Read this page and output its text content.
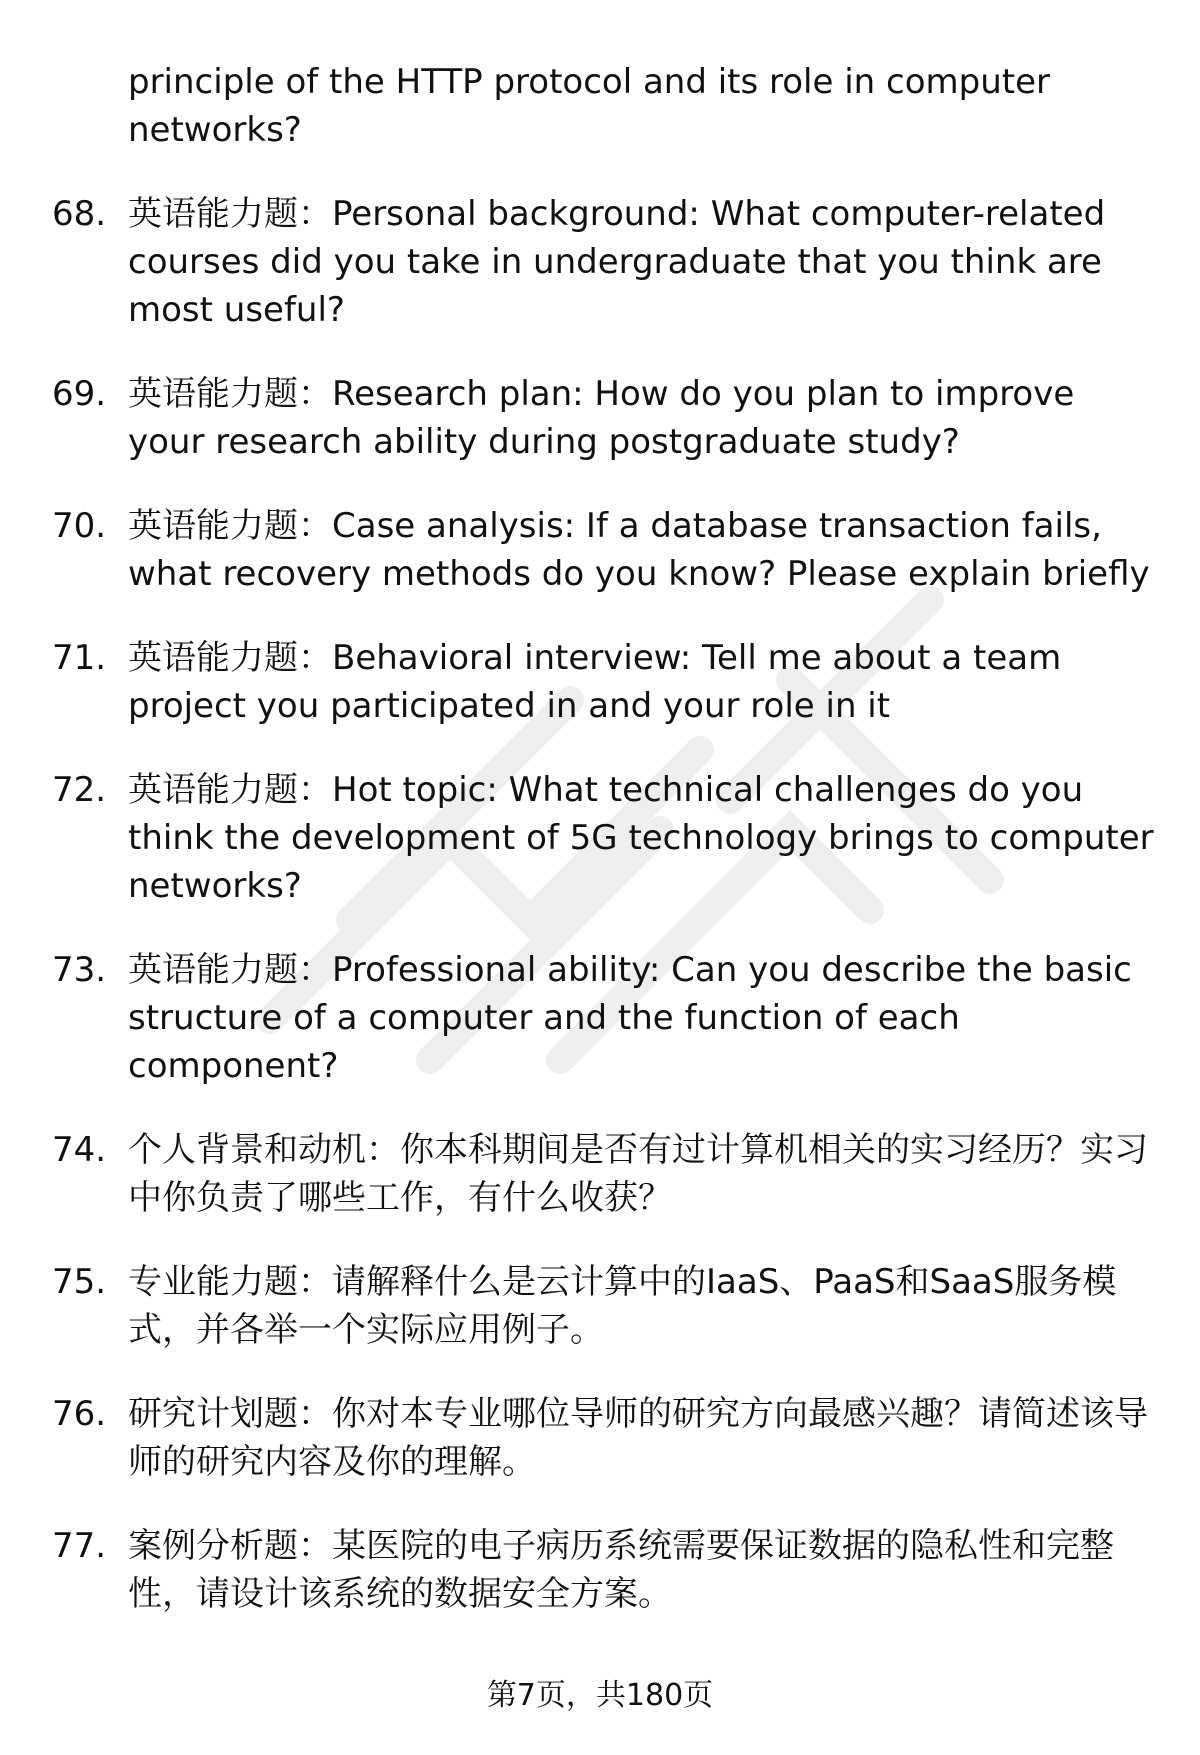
principle of the HTTP protocol and its role in computer networks?
68. 英语能力题：Personal background: What computer-related courses did you take in undergraduate that you think are most useful?
69. 英语能力题：Research plan: How do you plan to improve your research ability during postgraduate study?
70. 英语能力题：Case analysis: If a database transaction fails, what recovery methods do you know? Please explain briefly
71. 英语能力题：Behavioral interview: Tell me about a team project you participated in and your role in it
72. 英语能力题：Hot topic: What technical challenges do you think the development of 5G technology brings to computer networks?
73. 英语能力题：Professional ability: Can you describe the basic structure of a computer and the function of each component?
74. 个人背景和动机：你本科期间是否有过计算机相关的实习经历？实习中你负责了哪些工作，有什么收获？
75. 专业能力题：请解释什么是云计算中的IaaS、PaaS和SaaS服务模式，并各举一个实际应用例子。
76. 研究计划题：你对本专业哪位导师的研究方向最感兴趣？请简述该导师的研究内容及你的理解。
77. 案例分析题：某医院的电子病历系统需要保证数据的隐私性和完整性，请设计该系统的数据安全方案。
第7页，共180页
